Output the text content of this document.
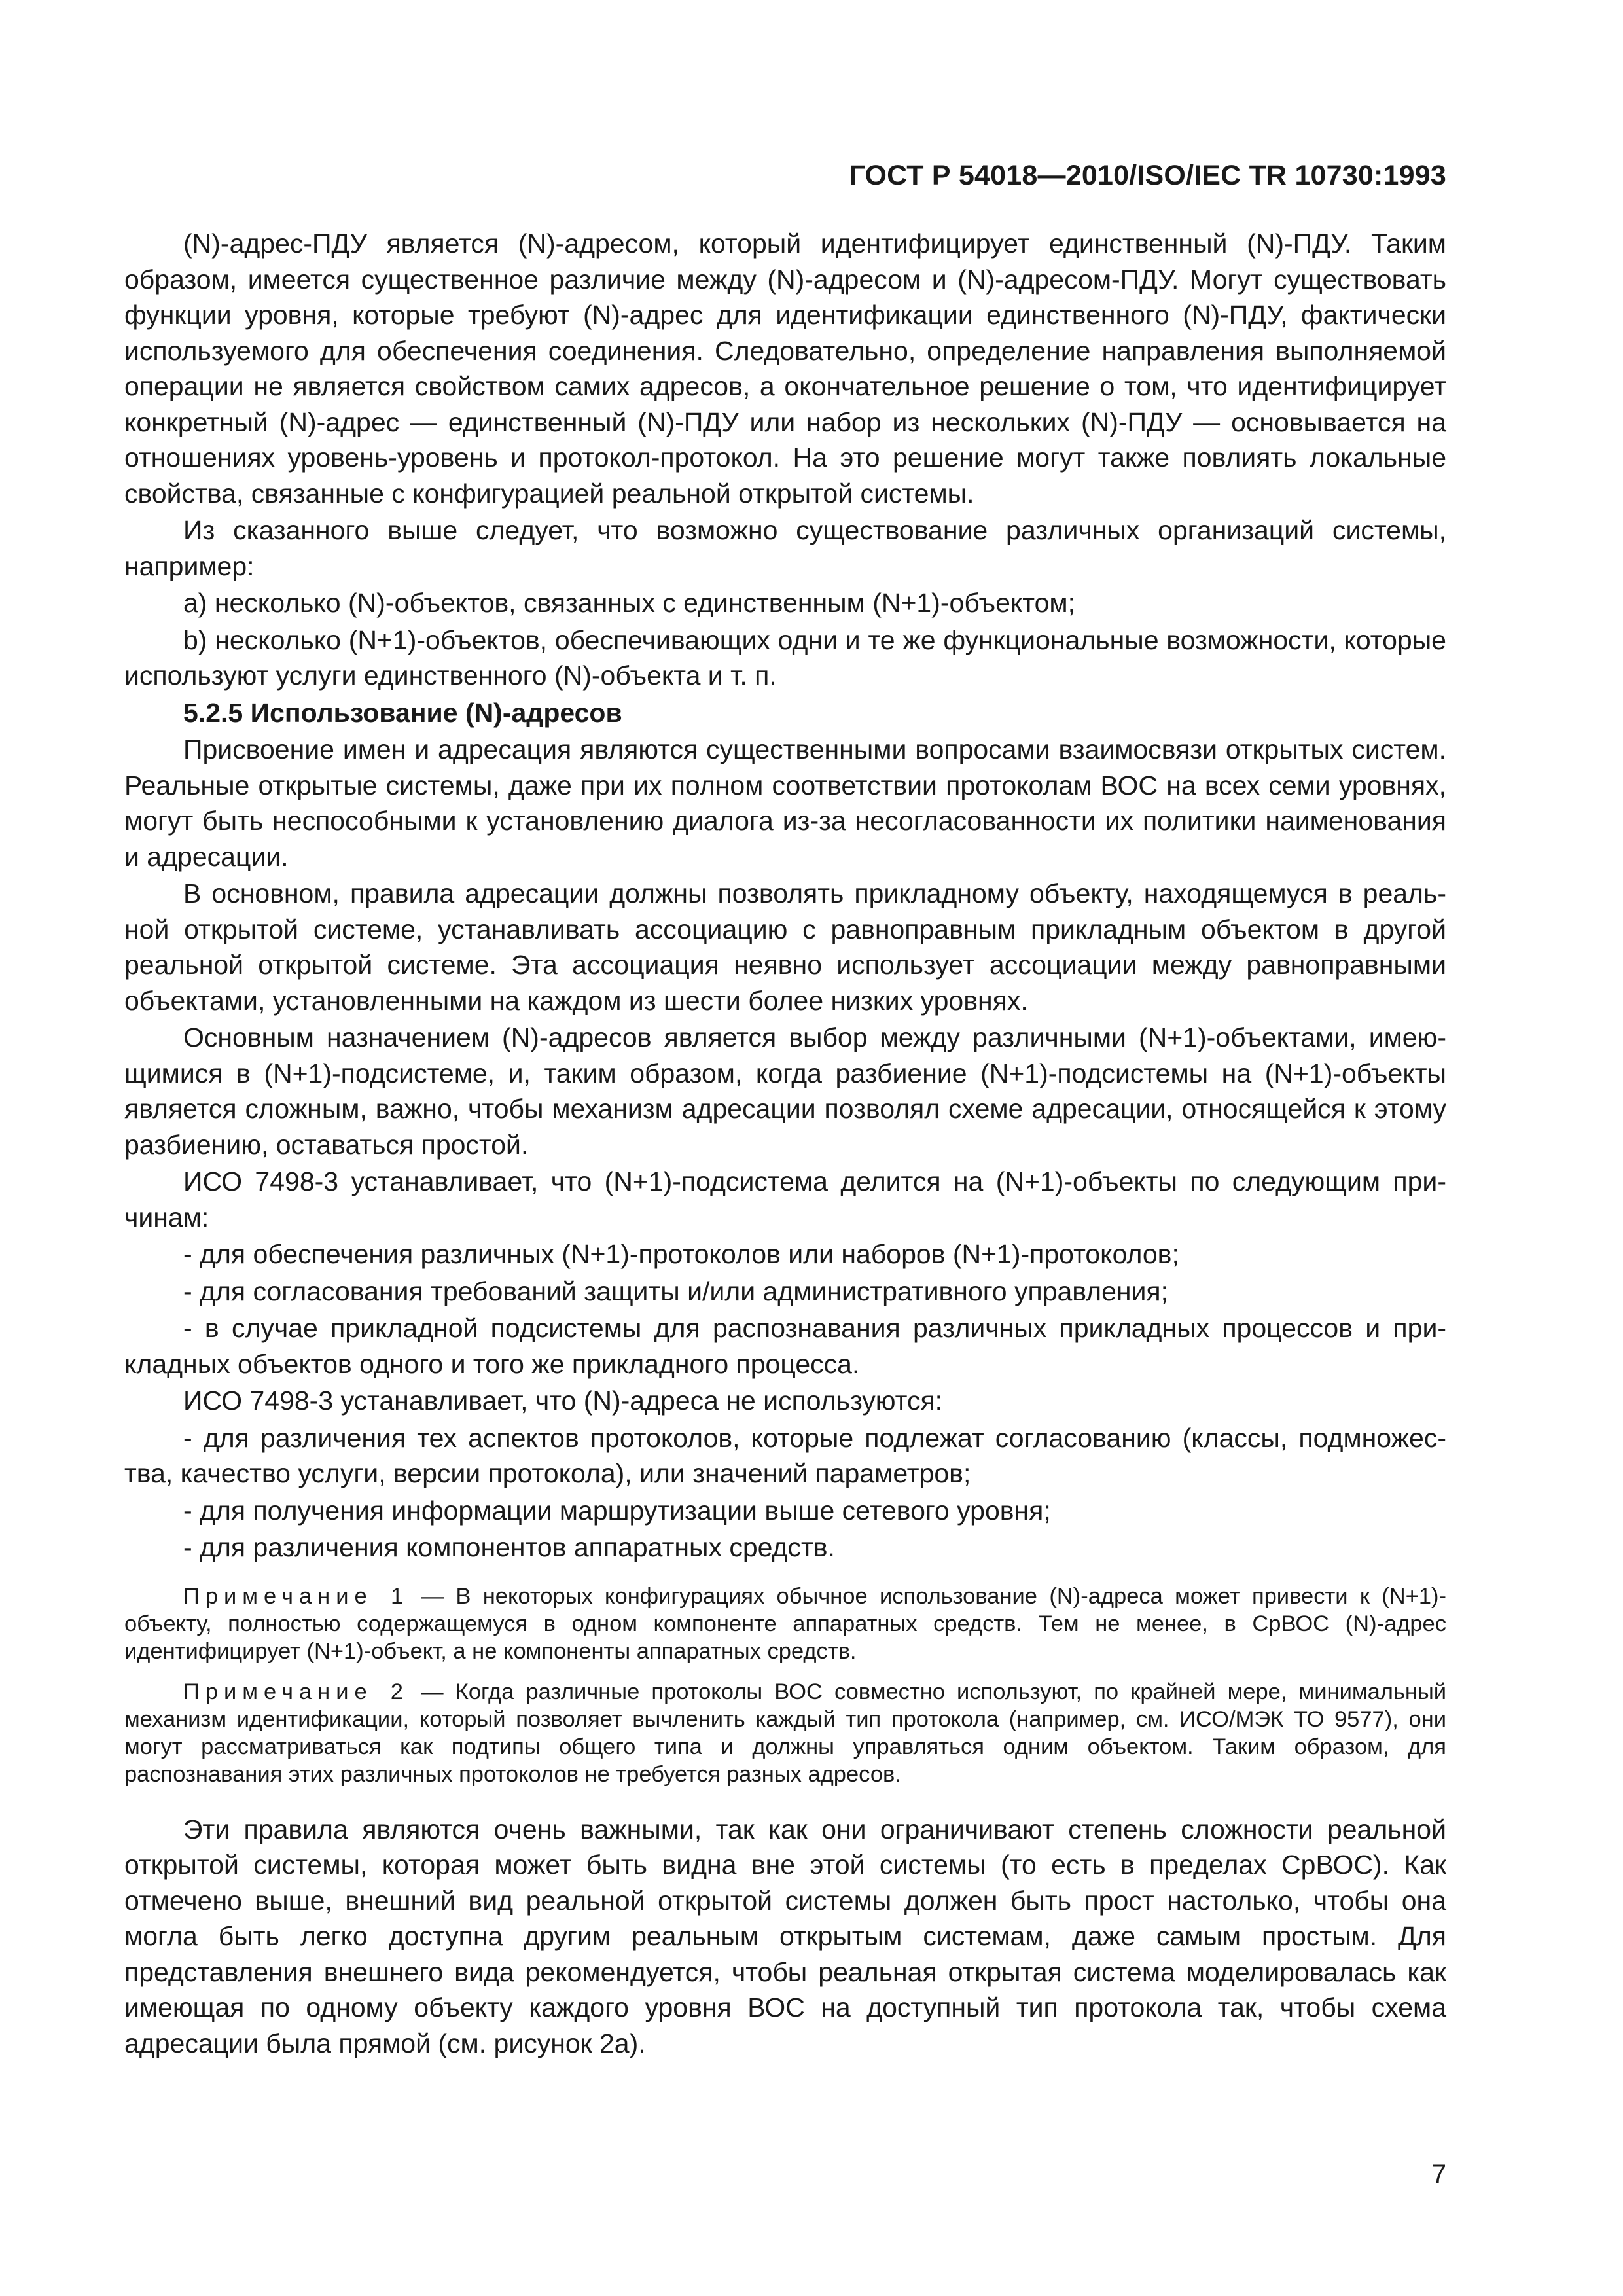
ГОСТ Р 54018—2010/ISO/IEC TR 10730:1993

(N)-адрес-ПДУ является (N)-адресом, который идентифицирует единственный (N)-ПДУ. Таким образом, имеется существенное различие между (N)-адресом и (N)-адресом-ПДУ. Могут существовать функции уровня, которые требуют (N)-адрес для идентификации единственного (N)-ПДУ, фактически используемого для обеспечения соединения. Следовательно, определение направления выполняемой операции не является свойством самих адресов, а окончательное решение о том, что идентифицирует конкретный (N)-адрес — единственный (N)-ПДУ или набор из нескольких (N)-ПДУ — основывается на отношениях уровень-уровень и протокол-протокол. На это решение могут также повлиять локальные свойства, связанные с конфигурацией реальной открытой системы.

Из сказанного выше следует, что возможно существование различных организаций системы, например:

a) несколько (N)-объектов, связанных с единственным (N+1)-объектом;

b) несколько (N+1)-объектов, обеспечивающих одни и те же функциональные возможности, которые используют услуги единственного (N)-объекта и т. п.

5.2.5 Использование (N)-адресов

Присвоение имен и адресация являются существенными вопросами взаимосвязи открытых систем. Реальные открытые системы, даже при их полном соответствии протоколам ВОС на всех семи уровнях, могут быть неспособными к установлению диалога из-за несогласованности их политики наименования и адресации.

В основном, правила адресации должны позволять прикладному объекту, находящемуся в реальной открытой системе, устанавливать ассоциацию с равноправным прикладным объектом в другой реальной открытой системе. Эта ассоциация неявно использует ассоциации между равноправными объектами, установленными на каждом из шести более низких уровнях.

Основным назначением (N)-адресов является выбор между различными (N+1)-объектами, имеющимися в (N+1)-подсистеме, и, таким образом, когда разбиение (N+1)-подсистемы на (N+1)-объекты является сложным, важно, чтобы механизм адресации позволял схеме адресации, относящейся к этому разбиению, оставаться простой.

ИСО 7498-3 устанавливает, что (N+1)-подсистема делится на (N+1)-объекты по следующим причинам:

- для обеспечения различных (N+1)-протоколов или наборов (N+1)-протоколов;

- для согласования требований защиты и/или административного управления;

- в случае прикладной подсистемы для распознавания различных прикладных процессов и прикладных объектов одного и того же прикладного процесса.

ИСО 7498-3 устанавливает, что (N)-адреса не используются:

- для различения тех аспектов протоколов, которые подлежат согласованию (классы, подмножества, качество услуги, версии протокола), или значений параметров;

- для получения информации маршрутизации выше сетевого уровня;

- для различения компонентов аппаратных средств.

Примечание 1 — В некоторых конфигурациях обычное использование (N)-адреса может привести к (N+1)-объекту, полностью содержащемуся в одном компоненте аппаратных средств. Тем не менее, в СрВОС (N)-адрес идентифицирует (N+1)-объект, а не компоненты аппаратных средств.
Примечание 2 — Когда различные протоколы ВОС совместно используют, по крайней мере, минимальный механизм идентификации, который позволяет вычленить каждый тип протокола (например, см. ИСО/МЭК ТО 9577), они могут рассматриваться как подтипы общего типа и должны управляться одним объектом. Таким образом, для распознавания этих различных протоколов не требуется разных адресов.

Эти правила являются очень важными, так как они ограничивают степень сложности реальной открытой системы, которая может быть видна вне этой системы (то есть в пределах СрВОС). Как отмечено выше, внешний вид реальной открытой системы должен быть прост настолько, чтобы она могла быть легко доступна другим реальным открытым системам, даже самым простым. Для представления внешнего вида рекомендуется, чтобы реальная открытая система моделировалась как имеющая по одному объекту каждого уровня ВОС на доступный тип протокола так, чтобы схема адресации была прямой (см. рисунок 2а).

7
